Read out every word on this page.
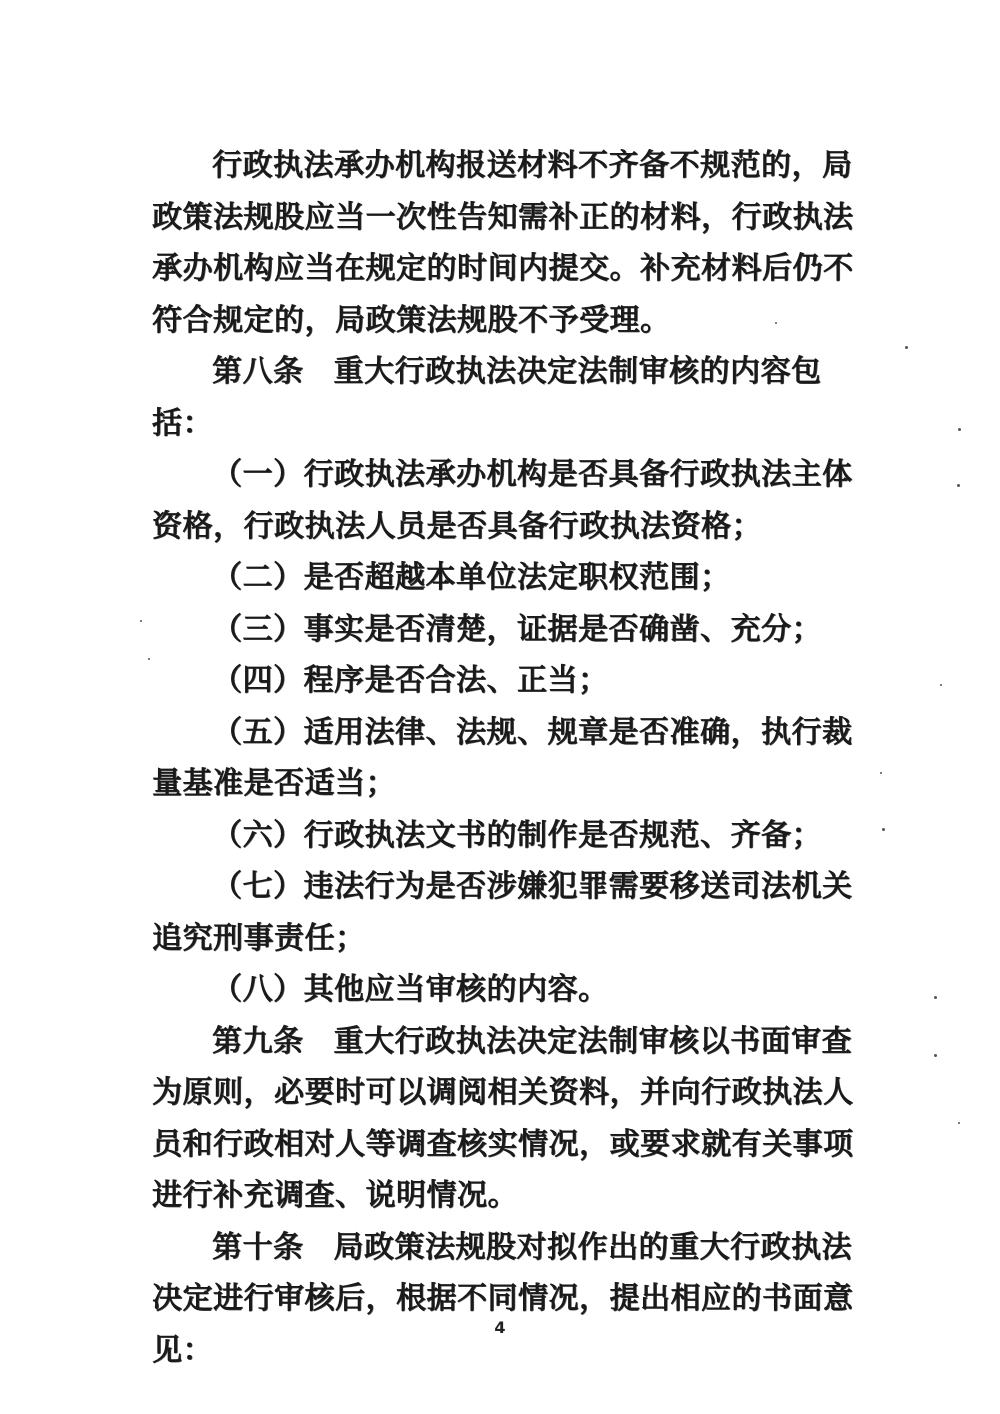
行政执法承办机构报送材料不齐备不规范的，局政策法规股应当一次性告知需补正的材料，行政执法承办机构应当在规定的时间内提交。补充材料后仍不符合规定的，局政策法规股不予受理。

第八条 重大行政执法决定法制审核的内容包括：

（一）行政执法承办机构是否具备行政执法主体资格，行政执法人员是否具备行政执法资格；

（二）是否超越本单位法定职权范围；

（三）事实是否清楚，证据是否确凿、充分；

（四）程序是否合法、正当；

（五）适用法律、法规、规章是否准确，执行裁量基准是否适当；

（六）行政执法文书的制作是否规范、齐备；

（七）违法行为是否涉嫌犯罪需要移送司法机关追究刑事责任；

（八）其他应当审核的内容。

第九条 重大行政执法决定法制审核以书面审查为原则，必要时可以调阅相关资料，并向行政执法人员和行政相对人等调查核实情况，或要求就有关事项进行补充调查、说明情况。

第十条 局政策法规股对拟作出的重大行政执法决定进行审核后，根据不同情况，提出相应的书面意见：

4
